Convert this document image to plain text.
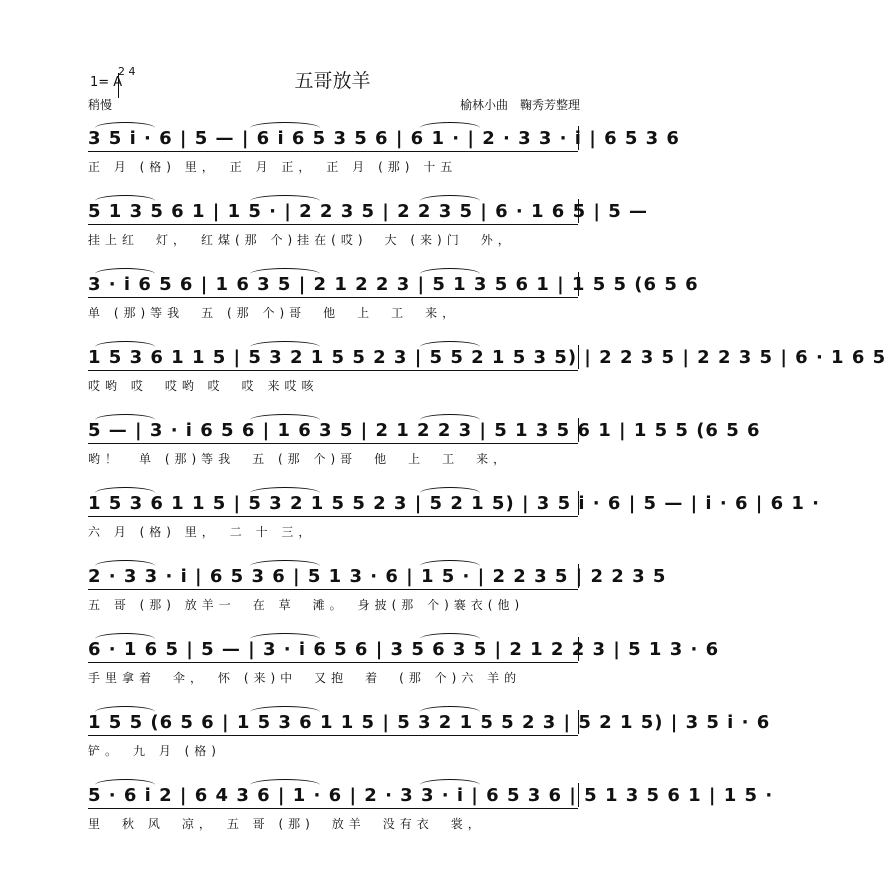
五哥放羊
1= A
2 4
稍慢	榆林小曲　鞠秀芳整理
3 5 i · 6 | 5 — | 6 i 6 5 3 5 6 | 6 1 · | 2 · 3 3 · i | 6 5 3 6
正 月 (格) 里，　正 月 正，　正 月 (那) 十五
5 1 3 5 6 1 | 1 5 · | 2 2 3 5 | 2 2 3 5 | 6 · 1 6 5 | 5 —
挂上红　灯，　红煤(那 个)挂在(哎)　大 (来)门　外，
3 · i 6 5 6 | 1 6 3 5 | 2 1 2 2 3 | 5 1 3 5 6 1 | 1 5 5 (6 5 6
单 (那)等我　五 (那 个)哥　他　上　工　来，
1 5 3 6 1 1 5 | 5 3 2 1 5 5 2 3 | 5 5 2 1 5 3 5) | 2 2 3 5 | 2 2 3 5 | 6 · 1 6 5
哎哟 哎　哎哟 哎　哎 来哎咳
5 — | 3 · i 6 5 6 | 1 6 3 5 | 2 1 2 2 3 | 5 1 3 5 6 1 | 1 5 5 (6 5 6
哟！　单 (那)等我　五 (那 个)哥　他　上　工　来，
1 5 3 6 1 1 5 | 5 3 2 1 5 5 2 3 | 5 2 1 5) | 3 5 i · 6 | 5 — | i · 6 | 6 1 ·
六 月 (格) 里，　二 十 三，
2 · 3 3 · i | 6 5 3 6 | 5 1 3 · 6 | 1 5 · | 2 2 3 5 | 2 2 3 5
五 哥 (那) 放羊一　在 草　滩。　身披(那 个)褰衣(他)
6 · 1 6 5 | 5 — | 3 · i 6 5 6 | 3 5 6 3 5 | 2 1 2 2 3 | 5 1 3 · 6
手里拿着　伞，　怀 (来)中　又抱　着　(那 个)六 羊的
1 5 5 (6 5 6 | 1 5 3 6 1 1 5 | 5 3 2 1 5 5 2 3 | 5 2 1 5) | 3 5 i · 6
铲。　九 月 (格)
5 · 6 i 2 | 6 4 3 6 | 1 · 6 | 2 · 3 3 · i | 6 5 3 6 | 5 1 3 5 6 1 | 1 5 ·
里　秋 风　凉，　五 哥 (那)　放羊　没有衣　裳，
